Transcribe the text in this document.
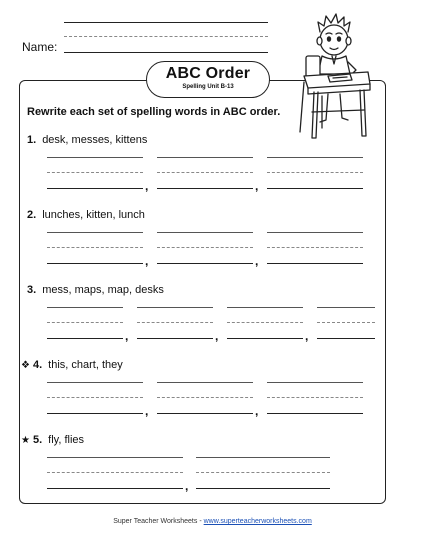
Name:
ABC Order
Spelling Unit B-13
Rewrite each set of spelling words in ABC order.
1. desk, messes, kittens
,	,
2. lunches, kitten, lunch
,	,
3. mess, maps, map, desks
,	,	,
❖ 4. this, chart, they
,	,
★ 5. fly, flies
,
Super Teacher Worksheets - www.superteacherworksheets.com
